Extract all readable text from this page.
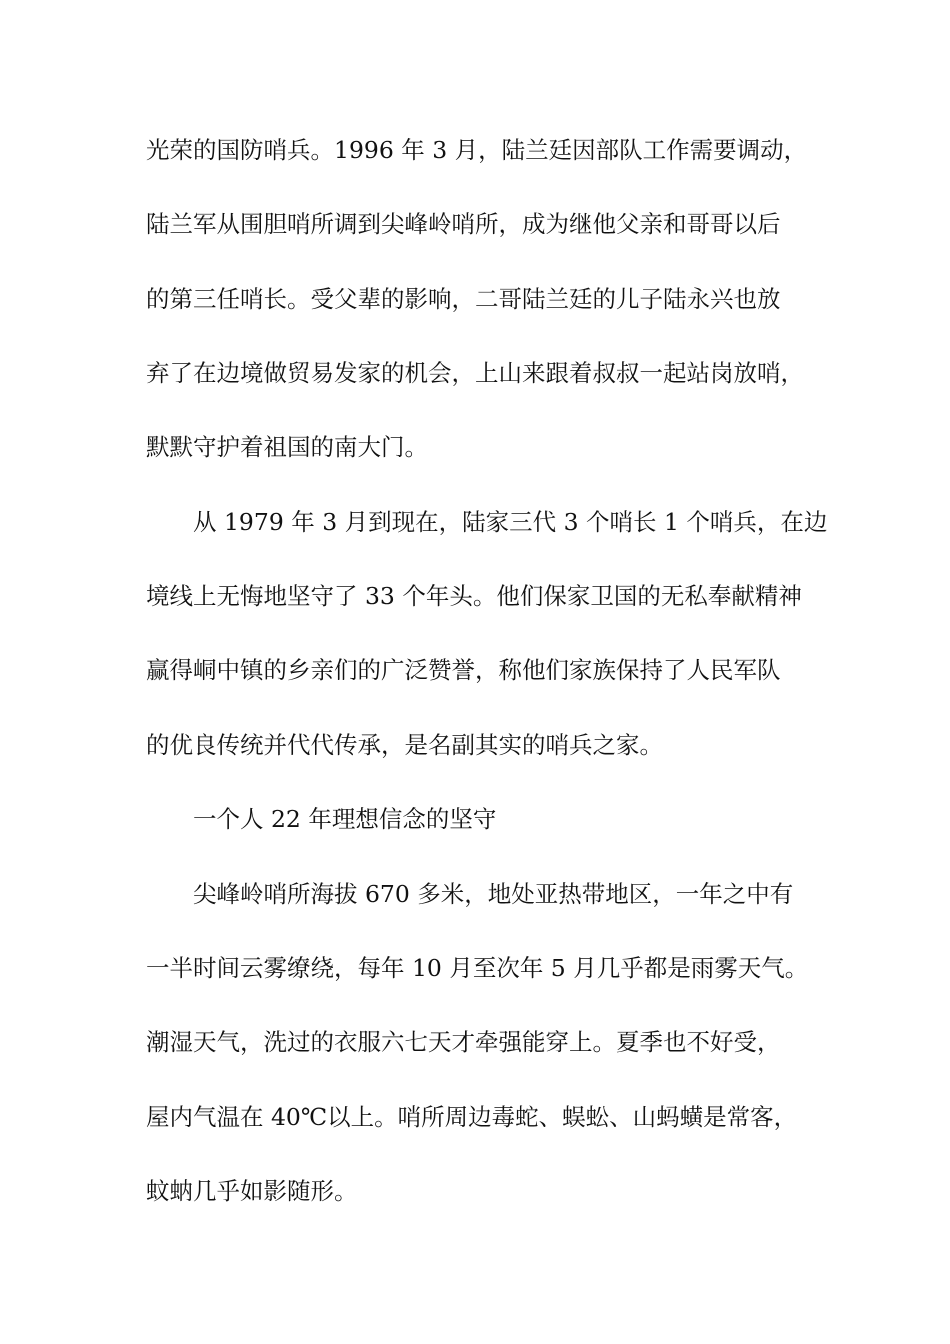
光荣的国防哨兵。1996 年 3 月，陆兰廷因部队工作需要调动，
陆兰军从围胆哨所调到尖峰岭哨所，成为继他父亲和哥哥以后
的第三任哨长。受父辈的影响，二哥陆兰廷的儿子陆永兴也放
弃了在边境做贸易发家的机会，上山来跟着叔叔一起站岗放哨，
默默守护着祖国的南大门。
从 1979 年 3 月到现在，陆家三代 3 个哨长 1 个哨兵，在边
境线上无悔地坚守了 33 个年头。他们保家卫国的无私奉献精神
赢得峒中镇的乡亲们的广泛赞誉，称他们家族保持了人民军队
的优良传统并代代传承，是名副其实的哨兵之家。
一个人 22 年理想信念的坚守
尖峰岭哨所海拔 670 多米，地处亚热带地区，一年之中有
一半时间云雾缭绕，每年 10 月至次年 5 月几乎都是雨雾天气。
潮湿天气，洗过的衣服六七天才牵强能穿上。夏季也不好受，
屋内气温在 40℃以上。哨所周边毒蛇、蜈蚣、山蚂蟥是常客，
蚊蚋几乎如影随形。
